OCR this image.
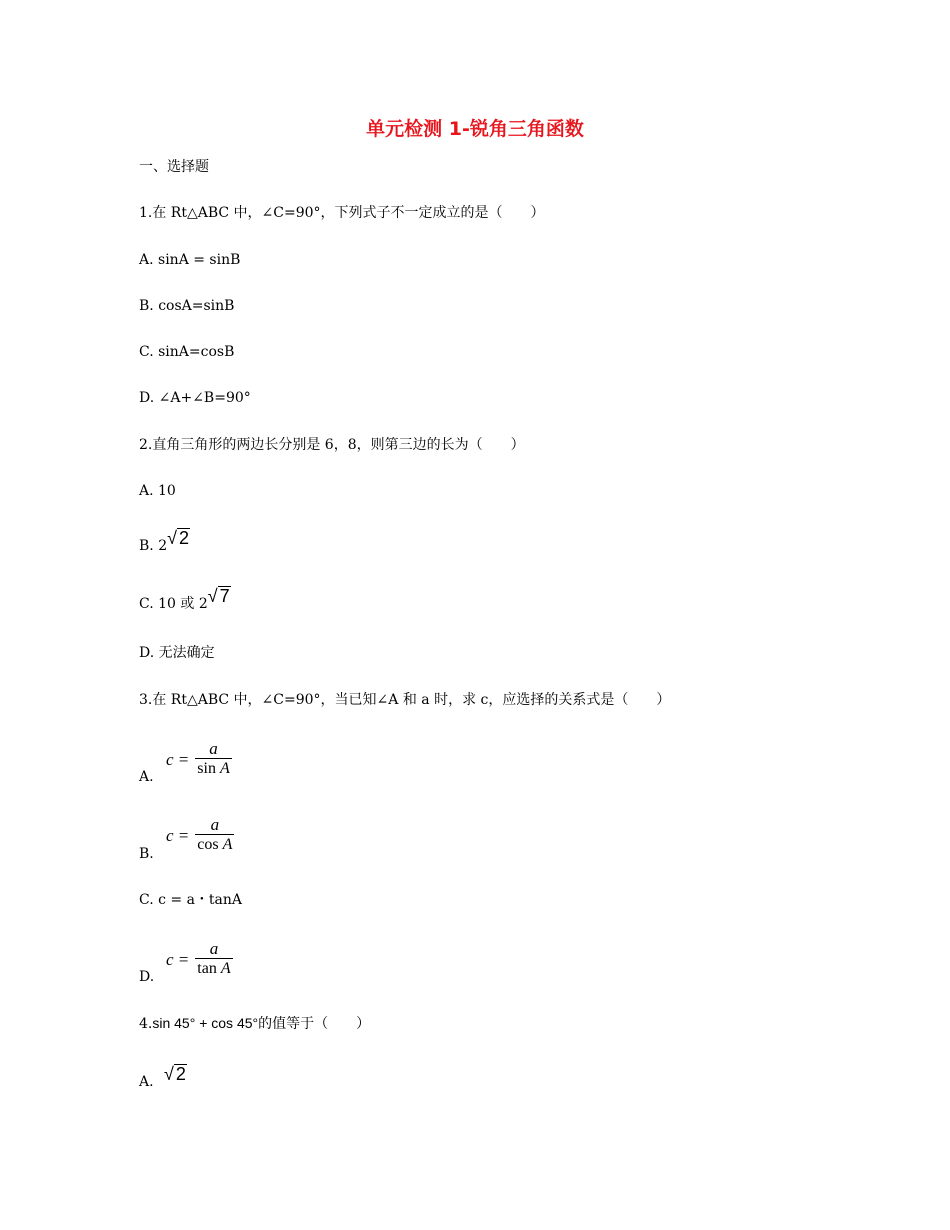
单元检测 1-锐角三角函数
一、选择题
1.在 Rt△ABC 中，∠C=90°，下列式子不一定成立的是（　　）
A. sinA = sinB
B. cosA=sinB
C. sinA=cosB
D. ∠A+∠B=90°
2.直角三角形的两边长分别是 6，8，则第三边的长为（　　）
A. 10
B. 2√ 2
C. 10 或 2√ 7
D. 无法确定
3.在 Rt△ABC 中，∠C=90°，当已知∠A 和 a 时，求 c，应选择的关系式是（　　）
A.
$c = \frac{a}{\text{sin A}}$
B.
$c = \frac{a}{\text{cos A}}$
C. c = a・tanA
D.
$c = \frac{a}{\text{tan A}}$
4.sin 45° + cos 45°的值等于（　　）
A. √ 2
